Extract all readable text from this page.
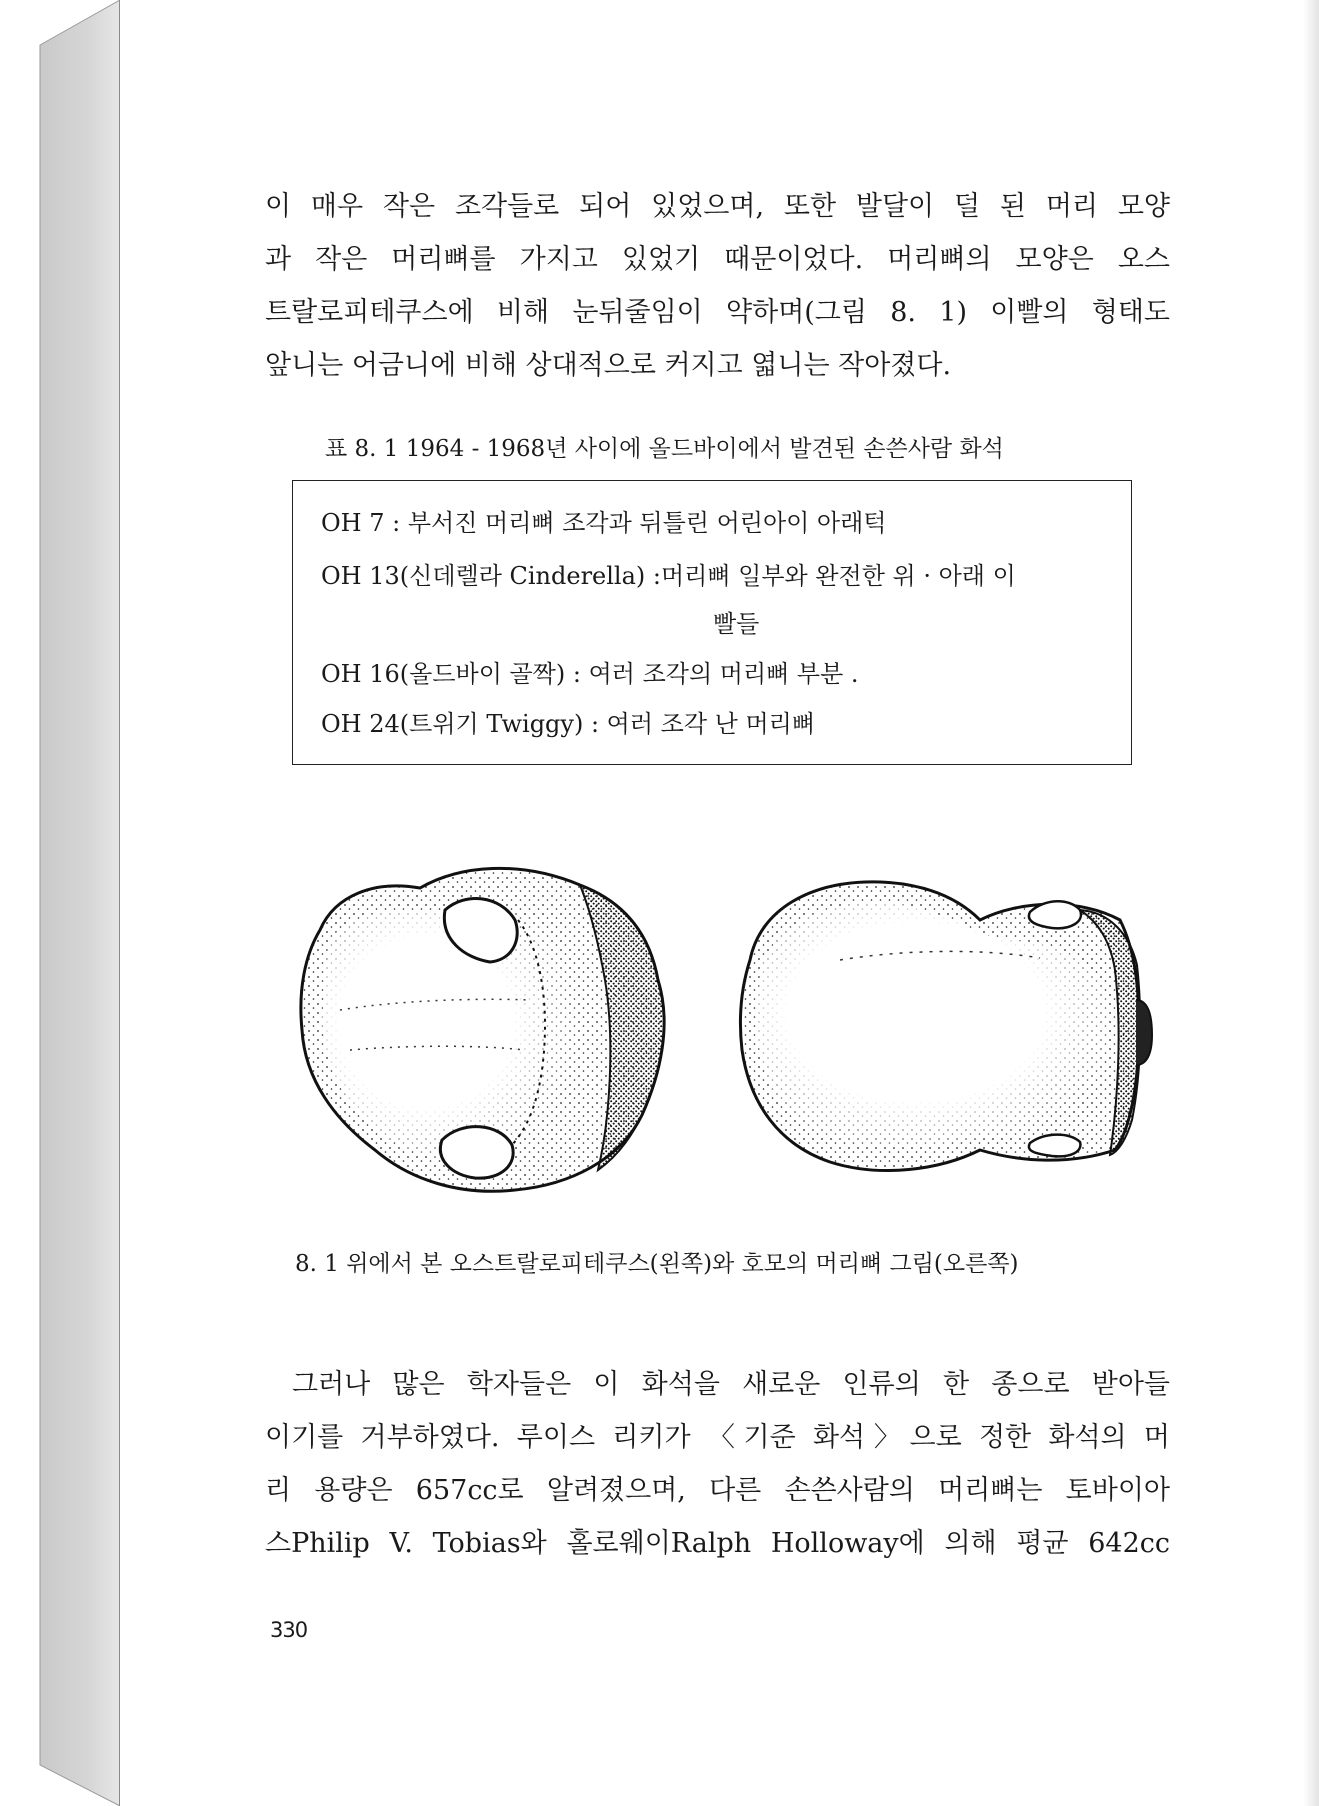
이 매우 작은 조각들로 되어 있었으며, 또한 발달이 덜 된 머리 모양
과 작은 머리뼈를 가지고 있었기 때문이었다. 머리뼈의 모양은 오스
트랄로피테쿠스에 비해 눈뒤줄임이 약하며(그림 8. 1) 이빨의 형태도
앞니는 어금니에 비해 상대적으로 커지고 엷니는 작아졌다.

표 8. 1 1964 - 1968년 사이에 올드바이에서 발견된 손쓴사람 화석
OH 7 : 부서진 머리뼈 조각과 뒤틀린 어린아이 아래턱
OH 13(신데렐라 Cinderella) :머리뼈 일부와 완전한 위 · 아래 이
빨들
OH 16(올드바이 골짝) : 여러 조각의 머리뼈 부분 .
OH 24(트위기 Twiggy) : 여러 조각 난 머리뼈
8. 1 위에서 본 오스트랄로피테쿠스(왼쪽)와 호모의 머리뼈 그림(오른쪽)

그러나 많은 학자들은 이 화석을 새로운 인류의 한 종으로 받아들
이기를 거부하였다. 루이스 리키가 〈기준 화석〉으로 정한 화석의 머
리 용량은 657cc로 알려졌으며, 다른 손쓴사람의 머리뼈는 토바이아
스Philip V. Tobias와 홀로웨이Ralph Holloway에 의해 평균 642cc

330
